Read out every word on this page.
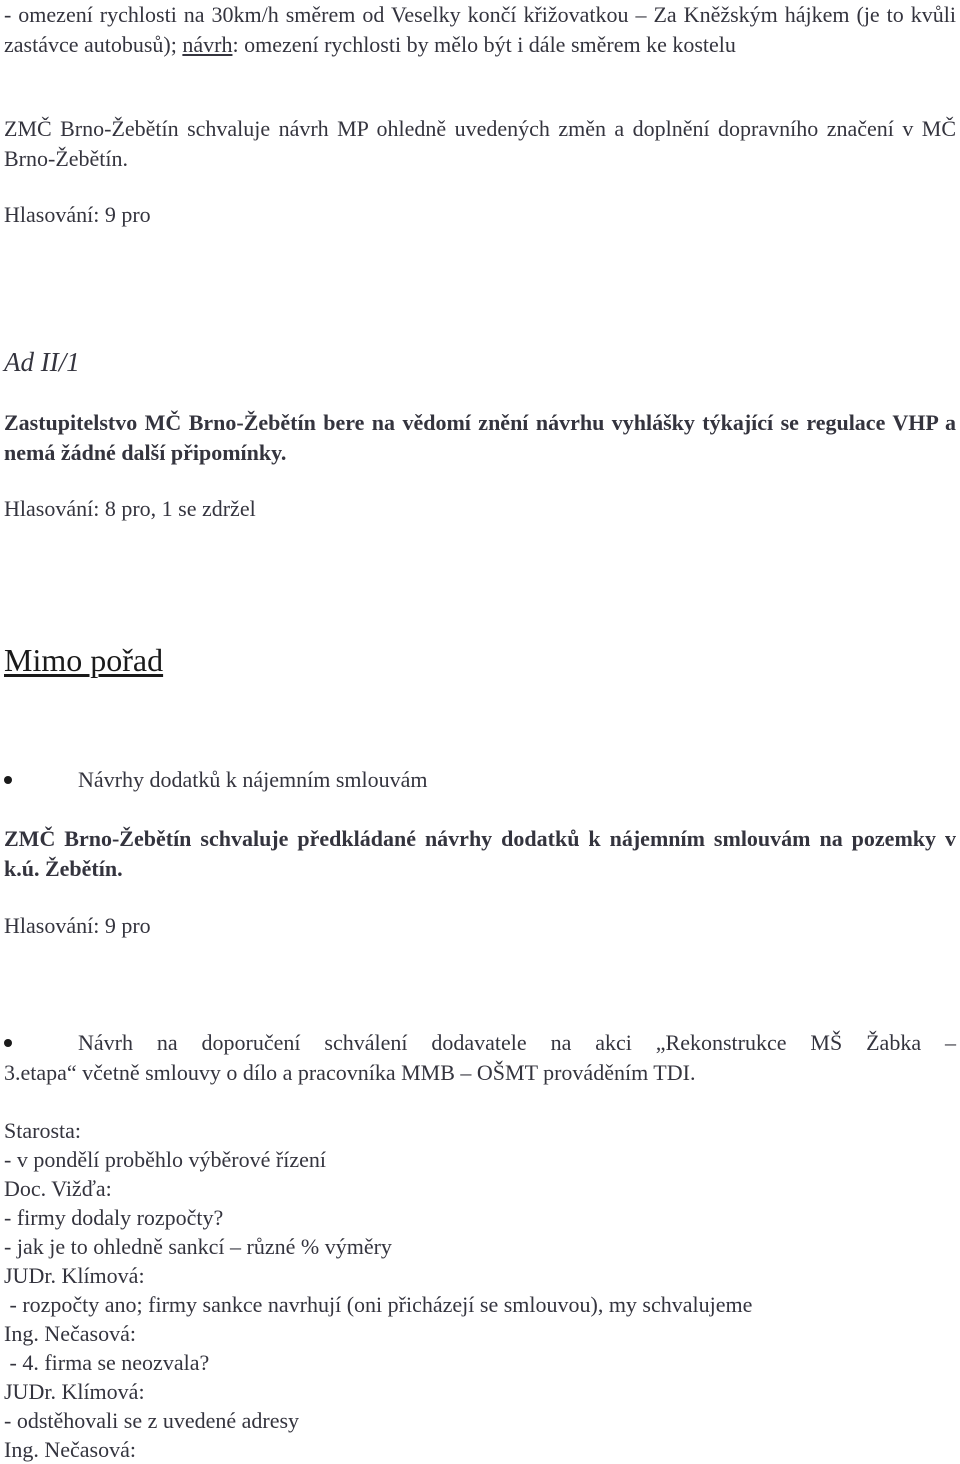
- omezení rychlosti na 30km/h směrem od Veselky končí křižovatkou – Za Kněžským hájkem (je to kvůli zastávce autobusů); návrh: omezení rychlosti by mělo být i dále směrem ke kostelu
ZMČ Brno-Žebětín schvaluje návrh MP ohledně uvedených změn a doplnění dopravního značení v MČ Brno-Žebětín.
Hlasování: 9 pro
Ad II/1
Zastupitelstvo MČ Brno-Žebětín bere na vědomí znění návrhu vyhlášky týkající se regulace VHP a nemá žádné další připomínky.
Hlasování: 8 pro, 1 se zdržel
Mimo pořad
Návrhy dodatků k nájemním smlouvám
ZMČ Brno-Žebětín schvaluje předkládané návrhy dodatků k nájemním smlouvám na pozemky v k.ú. Žebětín.
Hlasování: 9 pro
Návrh na doporučení schválení dodavatele na akci „Rekonstrukce MŠ Žabka –
3.etapa“ včetně smlouvy o dílo a pracovníka MMB – OŠMT prováděním TDI.
Starosta:
- v pondělí proběhlo výběrové řízení
Doc. Vižďa:
- firmy dodaly rozpočty?
- jak je to ohledně sankcí – různé % výměry
JUDr. Klímová:
- rozpočty ano; firmy sankce navrhují (oni přicházejí se smlouvou), my schvalujeme
Ing. Nečasová:
- 4. firma se neozvala?
JUDr. Klímová:
- odstěhovali se z uvedené adresy
Ing. Nečasová:
